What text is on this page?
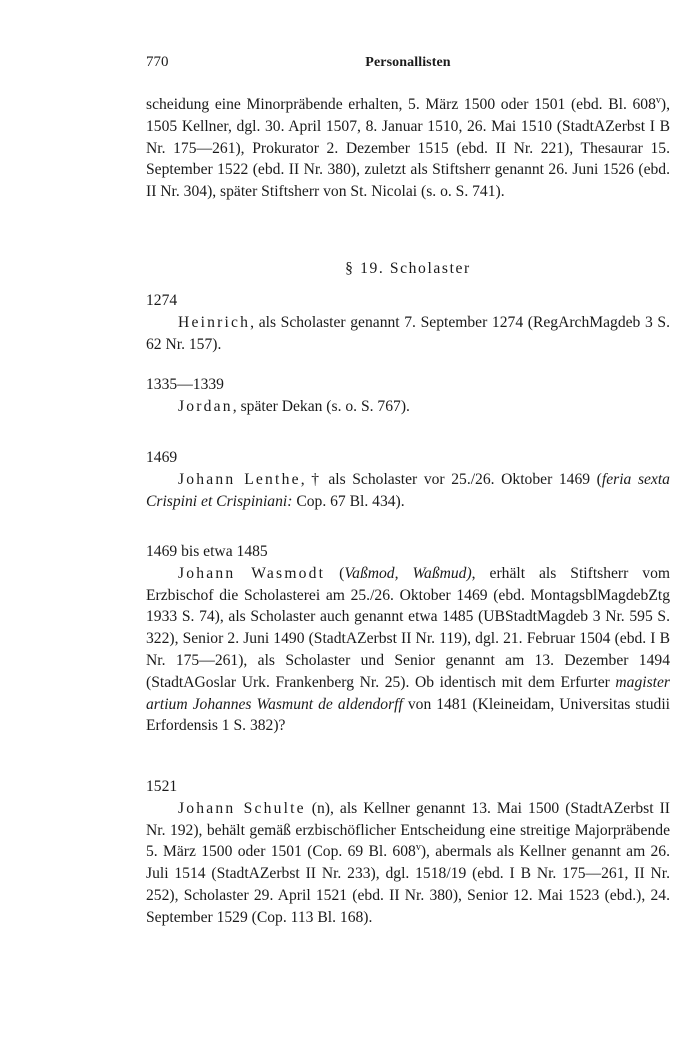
770	Personallisten

scheidung eine Minorpräbende erhalten, 5. März 1500 oder 1501 (ebd. Bl. 608$^v$), 1505 Kellner, dgl. 30. April 1507, 8. Januar 1510, 26. Mai 1510 (StadtAZerbst I B Nr. 175—261), Prokurator 2. Dezember 1515 (ebd. II Nr. 221), Thesaurar 15. September 1522 (ebd. II Nr. 380), zuletzt als Stiftsherr genannt 26. Juni 1526 (ebd. II Nr. 304), später Stiftsherr von St. Nicolai (s. o. S. 741).

§ 19. Scholaster

1274

Heinrich, als Scholaster genannt 7. September 1274 (RegArchMagdeb 3 S. 62 Nr. 157).

1335—1339

Jordan, später Dekan (s. o. S. 767).

1469

Johann Lenthe, † als Scholaster vor 25./26. Oktober 1469 (feria sexta Crispini et Crispiniani: Cop. 67 Bl. 434).

1469 bis etwa 1485

Johann Wasmodt (Vaßmod, Waßmud), erhält als Stiftsherr vom Erzbischof die Scholasterei am 25./26. Oktober 1469 (ebd. MontagsblMagdebZtg 1933 S. 74), als Scholaster auch genannt etwa 1485 (UBStadtMagdeb 3 Nr. 595 S. 322), Senior 2. Juni 1490 (StadtAZerbst II Nr. 119), dgl. 21. Februar 1504 (ebd. I B Nr. 175—261), als Scholaster und Senior genannt am 13. Dezember 1494 (StadtAGoslar Urk. Frankenberg Nr. 25). Ob identisch mit dem Erfurter magister artium Johannes Wasmunt de aldendorff von 1481 (Kleineidam, Universitas studii Erfordensis 1 S. 382)?

1521

Johann Schulte (n), als Kellner genannt 13. Mai 1500 (StadtAZerbst II Nr. 192), behält gemäß erzbischöflicher Entscheidung eine streitige Majorpräbende 5. März 1500 oder 1501 (Cop. 69 Bl. 608$^v$), abermals als Kellner genannt am 26. Juli 1514 (StadtAZerbst II Nr. 233), dgl. 1518/19 (ebd. I B Nr. 175—261, II Nr. 252), Scholaster 29. April 1521 (ebd. II Nr. 380), Senior 12. Mai 1523 (ebd.), 24. September 1529 (Cop. 113 Bl. 168).
